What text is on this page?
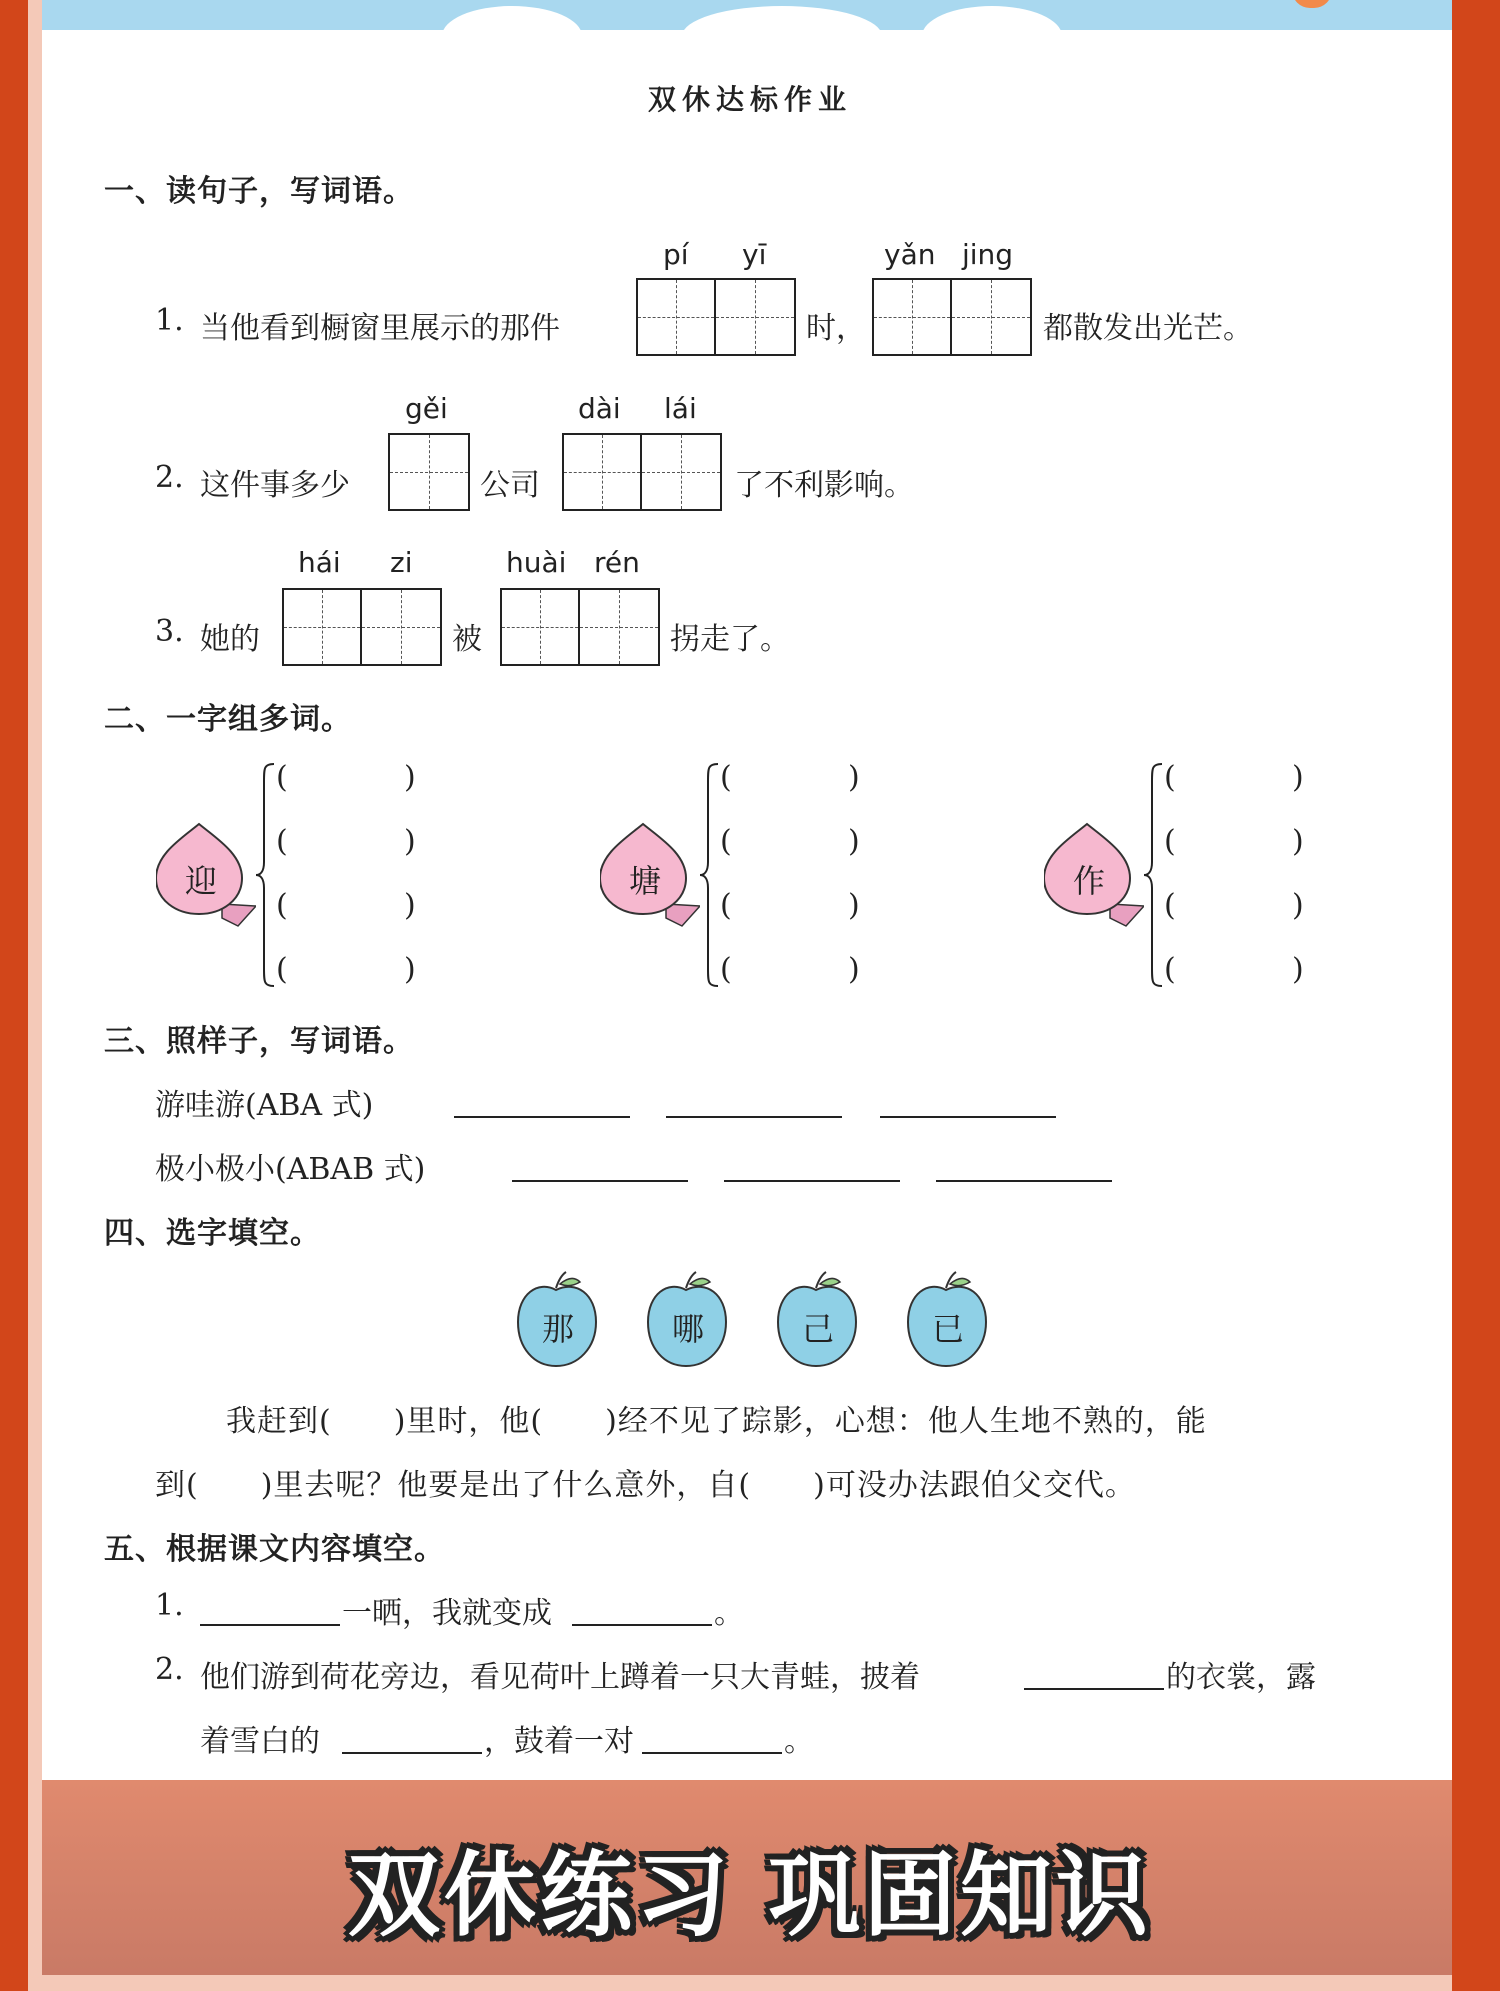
双休达标作业
一、读句子，写词语。
pí yī	yǎn jing
1. 当他看到橱窗里展示的那件	时，	都散发出光芒。
gěi	dài lái
2. 这件事多少	公司	了不利影响。
hái zi	huài rén
3. 她的	被	拐走了。
二、一字组多词。
迎	塘	作
(	)
(	)
(	)
(	)
(	)
(	)
(	)
(	)
(	)
(	)
(	)
(	)
三、照样子，写词语。
游哇游(ABA 式)
极小极小(ABAB 式)
四、选字填空。
那	哪	己	已
我赶到(　　)里时，他(　　)经不见了踪影，心想：他人生地不熟的，能
到(　　)里去呢？他要是出了什么意外，自(　　)可没办法跟伯父交代。
五、根据课文内容填空。
1.	一晒，我就变成	。
2. 他们游到荷花旁边，看见荷叶上蹲着一只大青蛙，披着	的衣裳，露
着雪白的	，鼓着一对	。
双休练习 巩固知识
